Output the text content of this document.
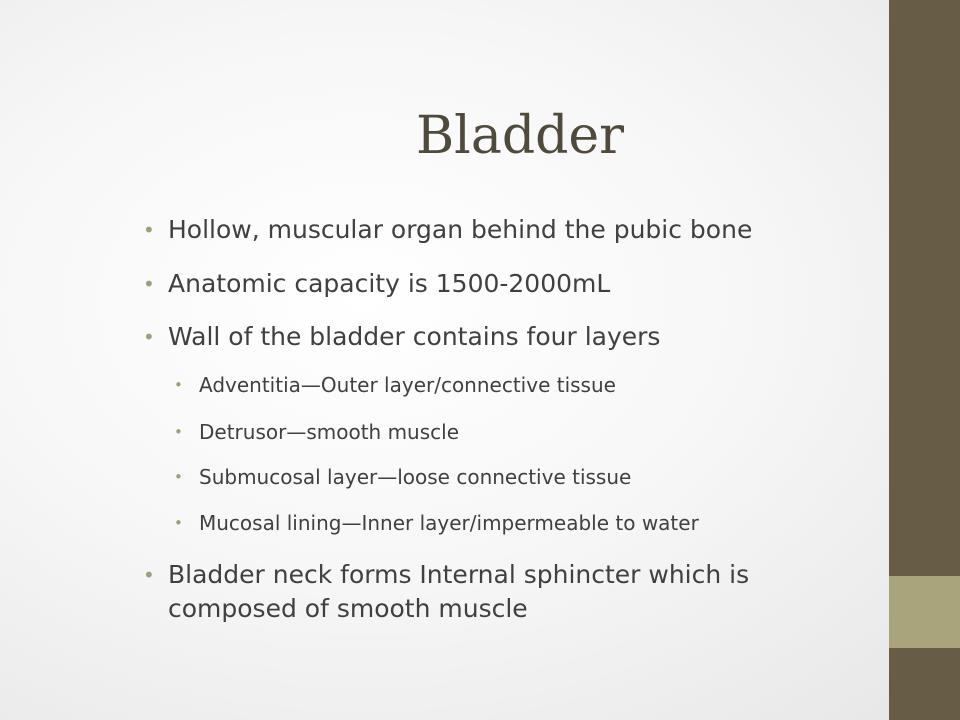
Bladder
• Hollow, muscular organ behind the pubic bone
• Anatomic capacity is 1500-2000mL
• Wall of the bladder contains four layers
• Adventitia—Outer layer/connective tissue
• Detrusor—smooth muscle
• Submucosal layer—loose connective tissue
• Mucosal lining—Inner layer/impermeable to water
• Bladder neck forms Internal sphincter which is
composed of smooth muscle
